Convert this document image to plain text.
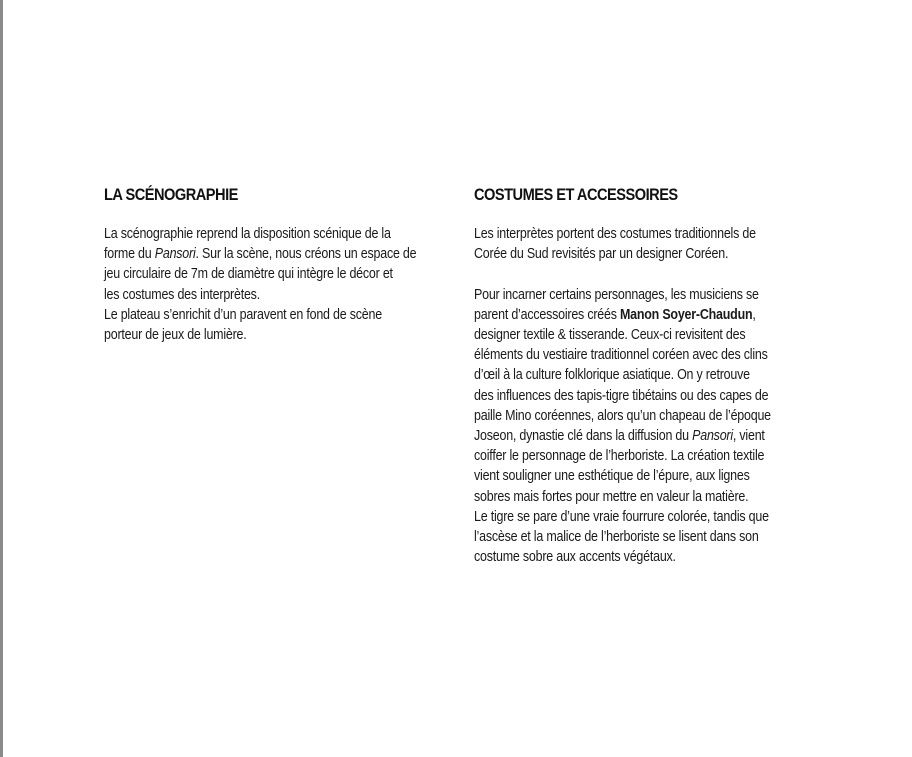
LA SCÉNOGRAPHIE
La scénographie reprend la disposition scénique de la
forme du Pansori. Sur la scène, nous créons un espace de
jeu circulaire de 7m de diamètre qui intègre le décor et
les costumes des interprètes.
Le plateau s’enrichit d’un paravent en fond de scène
porteur de jeux de lumière.
COSTUMES ET ACCESSOIRES
Les interprètes portent des costumes traditionnels de
Corée du Sud revisités par un designer Coréen.
Pour incarner certains personnages, les musiciens se
parent d’accessoires créés Manon Soyer-Chaudun,
designer textile & tisserande. Ceux-ci revisitent des
éléments du vestiaire traditionnel coréen avec des clins
d’œil à la culture folklorique asiatique. On y retrouve
des influences des tapis-tigre tibétains ou des capes de
paille Mino coréennes, alors qu’un chapeau de l’époque
Joseon, dynastie clé dans la diffusion du Pansori, vient
coiffer le personnage de l’herboriste. La création textile
vient souligner une esthétique de l’épure, aux lignes
sobres mais fortes pour mettre en valeur la matière.
Le tigre se pare d’une vraie fourrure colorée, tandis que
l’ascèse et la malice de l’herboriste se lisent dans son
costume sobre aux accents végétaux.
